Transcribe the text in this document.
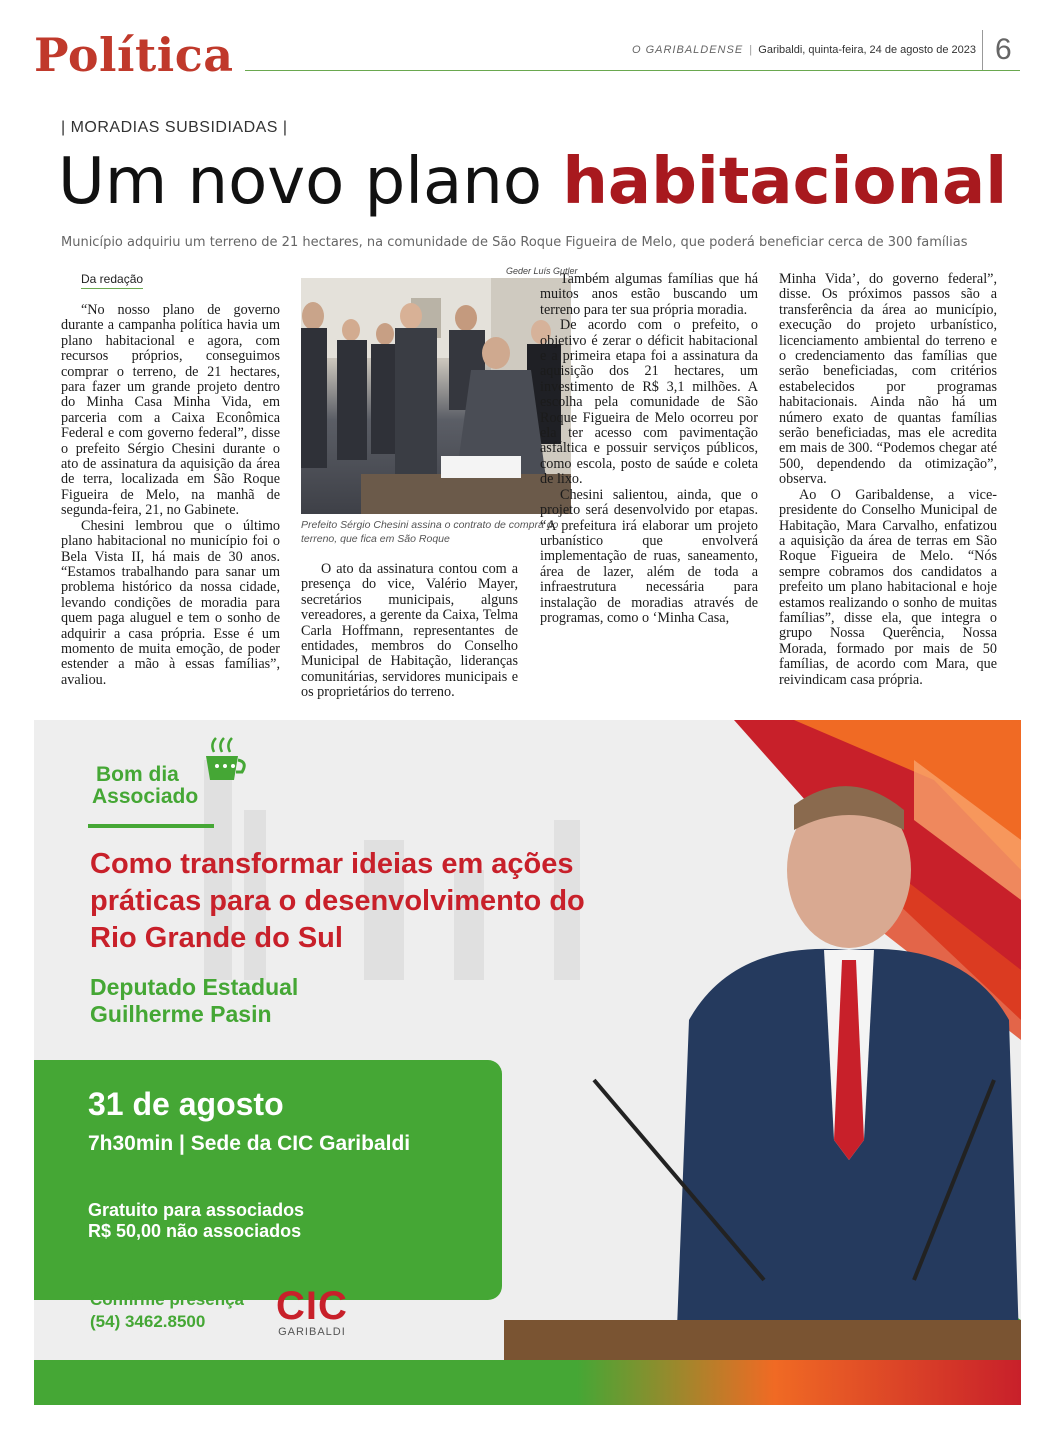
Política	O GARIBALDENSE  |  Garibaldi, quinta-feira, 24 de agosto de 2023 6
| MORADIAS SUBSIDIADAS |
Um novo plano habitacional
Município adquiriu um terreno de 21 hectares, na comunidade de São Roque Figueira de Melo, que poderá beneficiar cerca de 300 famílias
Da redação

“No nosso plano de governo durante a campanha política havia um plano habitacional e agora, com recursos próprios, conseguimos comprar o terreno, de 21 hectares, para fazer um grande projeto dentro do Minha Casa Minha Vida, em parceria com a Caixa Econômica Federal e com governo federal”, disse o prefeito Sérgio Chesini durante o ato de assinatura da aquisição da área de terra, localizada em São Roque Figueira de Melo, na manhã de segunda-feira, 21, no Gabinete.

Chesini lembrou que o último plano habitacional no município foi o Bela Vista II, há mais de 30 anos. “Estamos trabalhando para sanar um problema histórico da nossa cidade, levando condições de moradia para quem paga aluguel e tem o sonho de adquirir a casa própria. Esse é um momento de muita emoção, de poder estender a mão à essas famílias”, avaliou.

Geder Luís Gutler
Prefeito Sérgio Chesini assina o contrato de compra do terreno, que fica em São Roque

O ato da assinatura contou com a presença do vice, Valério Mayer, secretários municipais, alguns vereadores, a gerente da Caixa, Telma Carla Hoffmann, representantes de entidades, membros do Conselho Municipal de Habitação, lideranças comunitárias, servidores municipais e os proprietários do terreno.

Também algumas famílias que há muitos anos estão buscando um terreno para ter sua própria moradia.

De acordo com o prefeito, o objetivo é zerar o déficit habitacional e a primeira etapa foi a assinatura da aquisição dos 21 hectares, um investimento de R$ 3,1 milhões. A escolha pela comunidade de São Roque Figueira de Melo ocorreu por ela ter acesso com pavimentação asfáltica e possuir serviços públicos, como escola, posto de saúde e coleta de lixo.

Chesini salientou, ainda, que o projeto será desenvolvido por etapas. “A prefeitura irá elaborar um projeto urbanístico que envolverá implementação de ruas, saneamento, área de lazer, além de toda a infraestrutura necessária para instalação de moradias através de programas, como o ‘Minha Casa,

Minha Vida’, do governo federal”, disse. Os próximos passos são a transferência da área ao município, execução do projeto urbanístico, licenciamento ambiental do terreno e o credenciamento das famílias que serão beneficiadas, com critérios estabelecidos por programas habitacionais. Ainda não há um número exato de quantas famílias serão beneficiadas, mas ele acredita em mais de 300. “Podemos chegar até 500, dependendo da otimização”, observa.

Ao O Garibaldense, a vice-presidente do Conselho Municipal de Habitação, Mara Carvalho, enfatizou a aquisição da área de terras em São Roque Figueira de Melo. “Nós sempre cobramos dos candidatos a prefeito um plano habitacional e hoje estamos realizando o sonho de muitas famílias”, disse ela, que integra o grupo Nossa Querência, Nossa Morada, formado por mais de 50 famílias, de acordo com Mara, que reivindicam casa própria.

Bom dia
Associado
Como transformar ideias em ações
práticas para o desenvolvimento do
Rio Grande do Sul
Deputado Estadual
Guilherme Pasin
31 de agosto
7h30min | Sede da CIC Garibaldi
Gratuito para associados
R$ 50,00 não associados
Confirme presença
(54) 3462.8500	CIC
GARIBALDI
